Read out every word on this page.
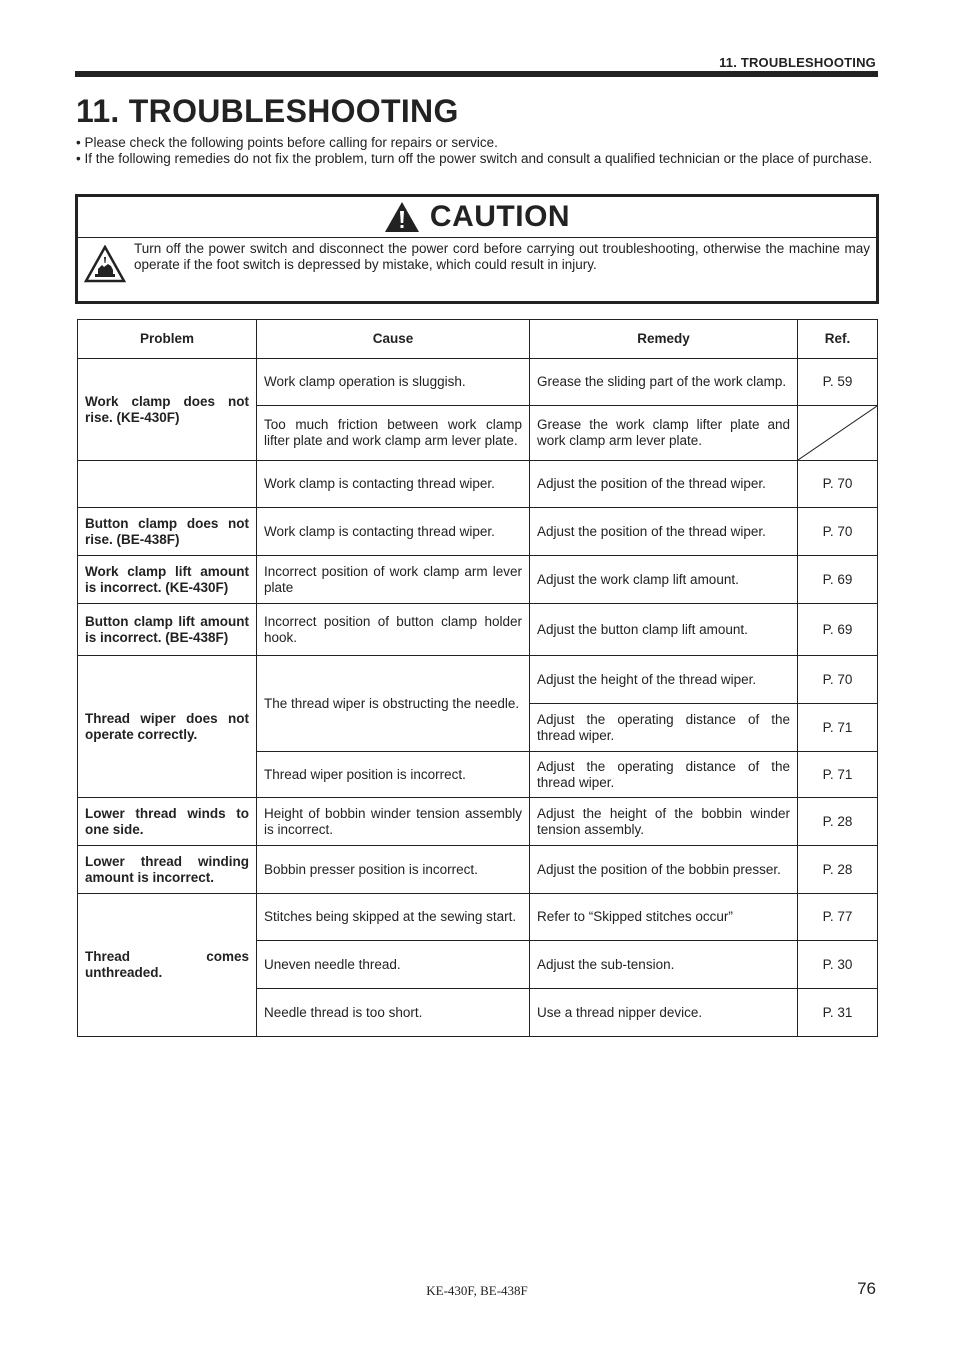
11. TROUBLESHOOTING
11. TROUBLESHOOTING

• Please check the following points before calling for repairs or service.

• If the following remedies do not fix the problem, turn off the power switch and consult a qualified technician or the place of purchase.

CAUTION
Turn off the power switch and disconnect the power cord before carrying out troubleshooting, otherwise the machine may operate if the foot switch is depressed by mistake, which could result in injury.
Problem	Cause	Remedy	Ref.
Work clamp does not rise. (KE-430F)	Work clamp operation is sluggish.	Grease the sliding part of the work clamp.	P. 59
	Too much friction between work clamp lifter plate and work clamp arm lever plate.	Grease the work clamp lifter plate and work clamp arm lever plate.	

	Work clamp is contacting thread wiper.	Adjust the position of the thread wiper.	P. 70
Button clamp does not rise. (BE-438F)	Work clamp is contacting thread wiper.	Adjust the position of the thread wiper.	P. 70
Work clamp lift amount is incorrect. (KE-430F)	Incorrect position of work clamp arm lever plate	Adjust the work clamp lift amount.	P. 69
Button clamp lift amount is incorrect. (BE-438F)	Incorrect position of button clamp holder hook.	Adjust the button clamp lift amount.	P. 69
Thread wiper does not operate correctly.	The thread wiper is obstructing the needle.	Adjust the height of the thread wiper.	P. 70
		Adjust the operating distance of the thread wiper.	P. 71
	Thread wiper position is incorrect.	Adjust the operating distance of the thread wiper.	P. 71
Lower thread winds to one side.	Height of bobbin winder tension assembly is incorrect.	Adjust the height of the bobbin winder tension assembly.	P. 28
Lower thread winding amount is incorrect.	Bobbin presser position is incorrect.	Adjust the position of the bobbin presser.	P. 28
Thread comes unthreaded.	Stitches being skipped at the sewing start.	Refer to “Skipped stitches occur”	P. 77
	Uneven needle thread.	Adjust the sub-tension.	P. 30
	Needle thread is too short.	Use a thread nipper device.	P. 31
KE-430F, BE-438F	76
